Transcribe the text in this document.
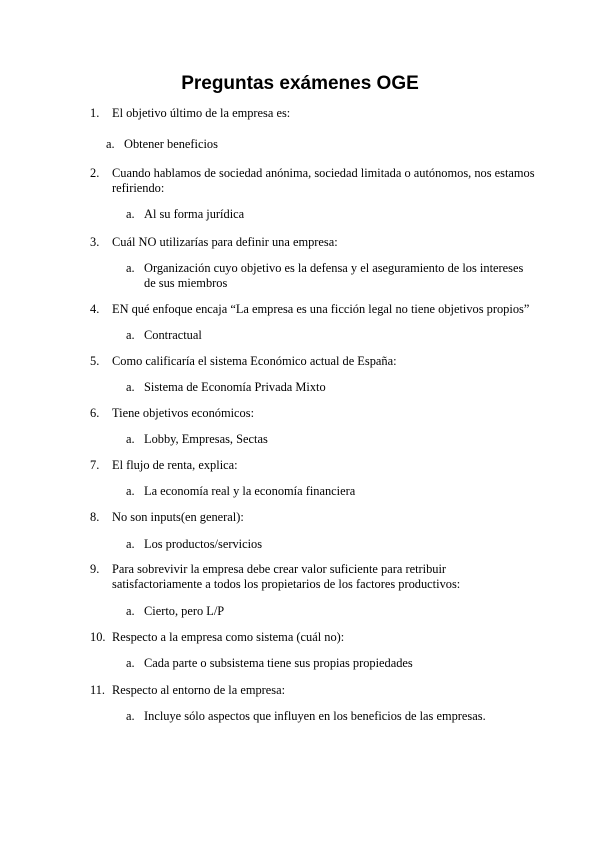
Preguntas exámenes OGE
1.	El objetivo último de la empresa es:
a. Obtener beneficios
2.	Cuando hablamos de sociedad anónima, sociedad limitada o autónomos, nos estamos refiriendo:
a. Al su forma jurídica
3.	Cuál NO utilizarías para definir una empresa:
a. Organización cuyo objetivo es la defensa y el aseguramiento de los intereses de sus miembros
4.	EN qué enfoque encaja “La empresa es una ficción legal no tiene objetivos propios”
a. Contractual
5.	Como calificaría el sistema Económico actual de España:
a. Sistema de Economía Privada Mixto
6.	Tiene objetivos económicos:
a. Lobby, Empresas, Sectas
7.	El flujo de renta, explica:
a. La economía real y la economía financiera
8.	No son inputs(en general):
a. Los productos/servicios
9.	Para sobrevivir la empresa debe crear valor suficiente para retribuir satisfactoriamente a todos los propietarios de los factores productivos:
a. Cierto, pero L/P
10. Respecto a la empresa como sistema (cuál no):
a. Cada parte o subsistema tiene sus propias propiedades
11. Respecto al entorno de la empresa:
a. Incluye sólo aspectos que influyen en los beneficios de las empresas.
